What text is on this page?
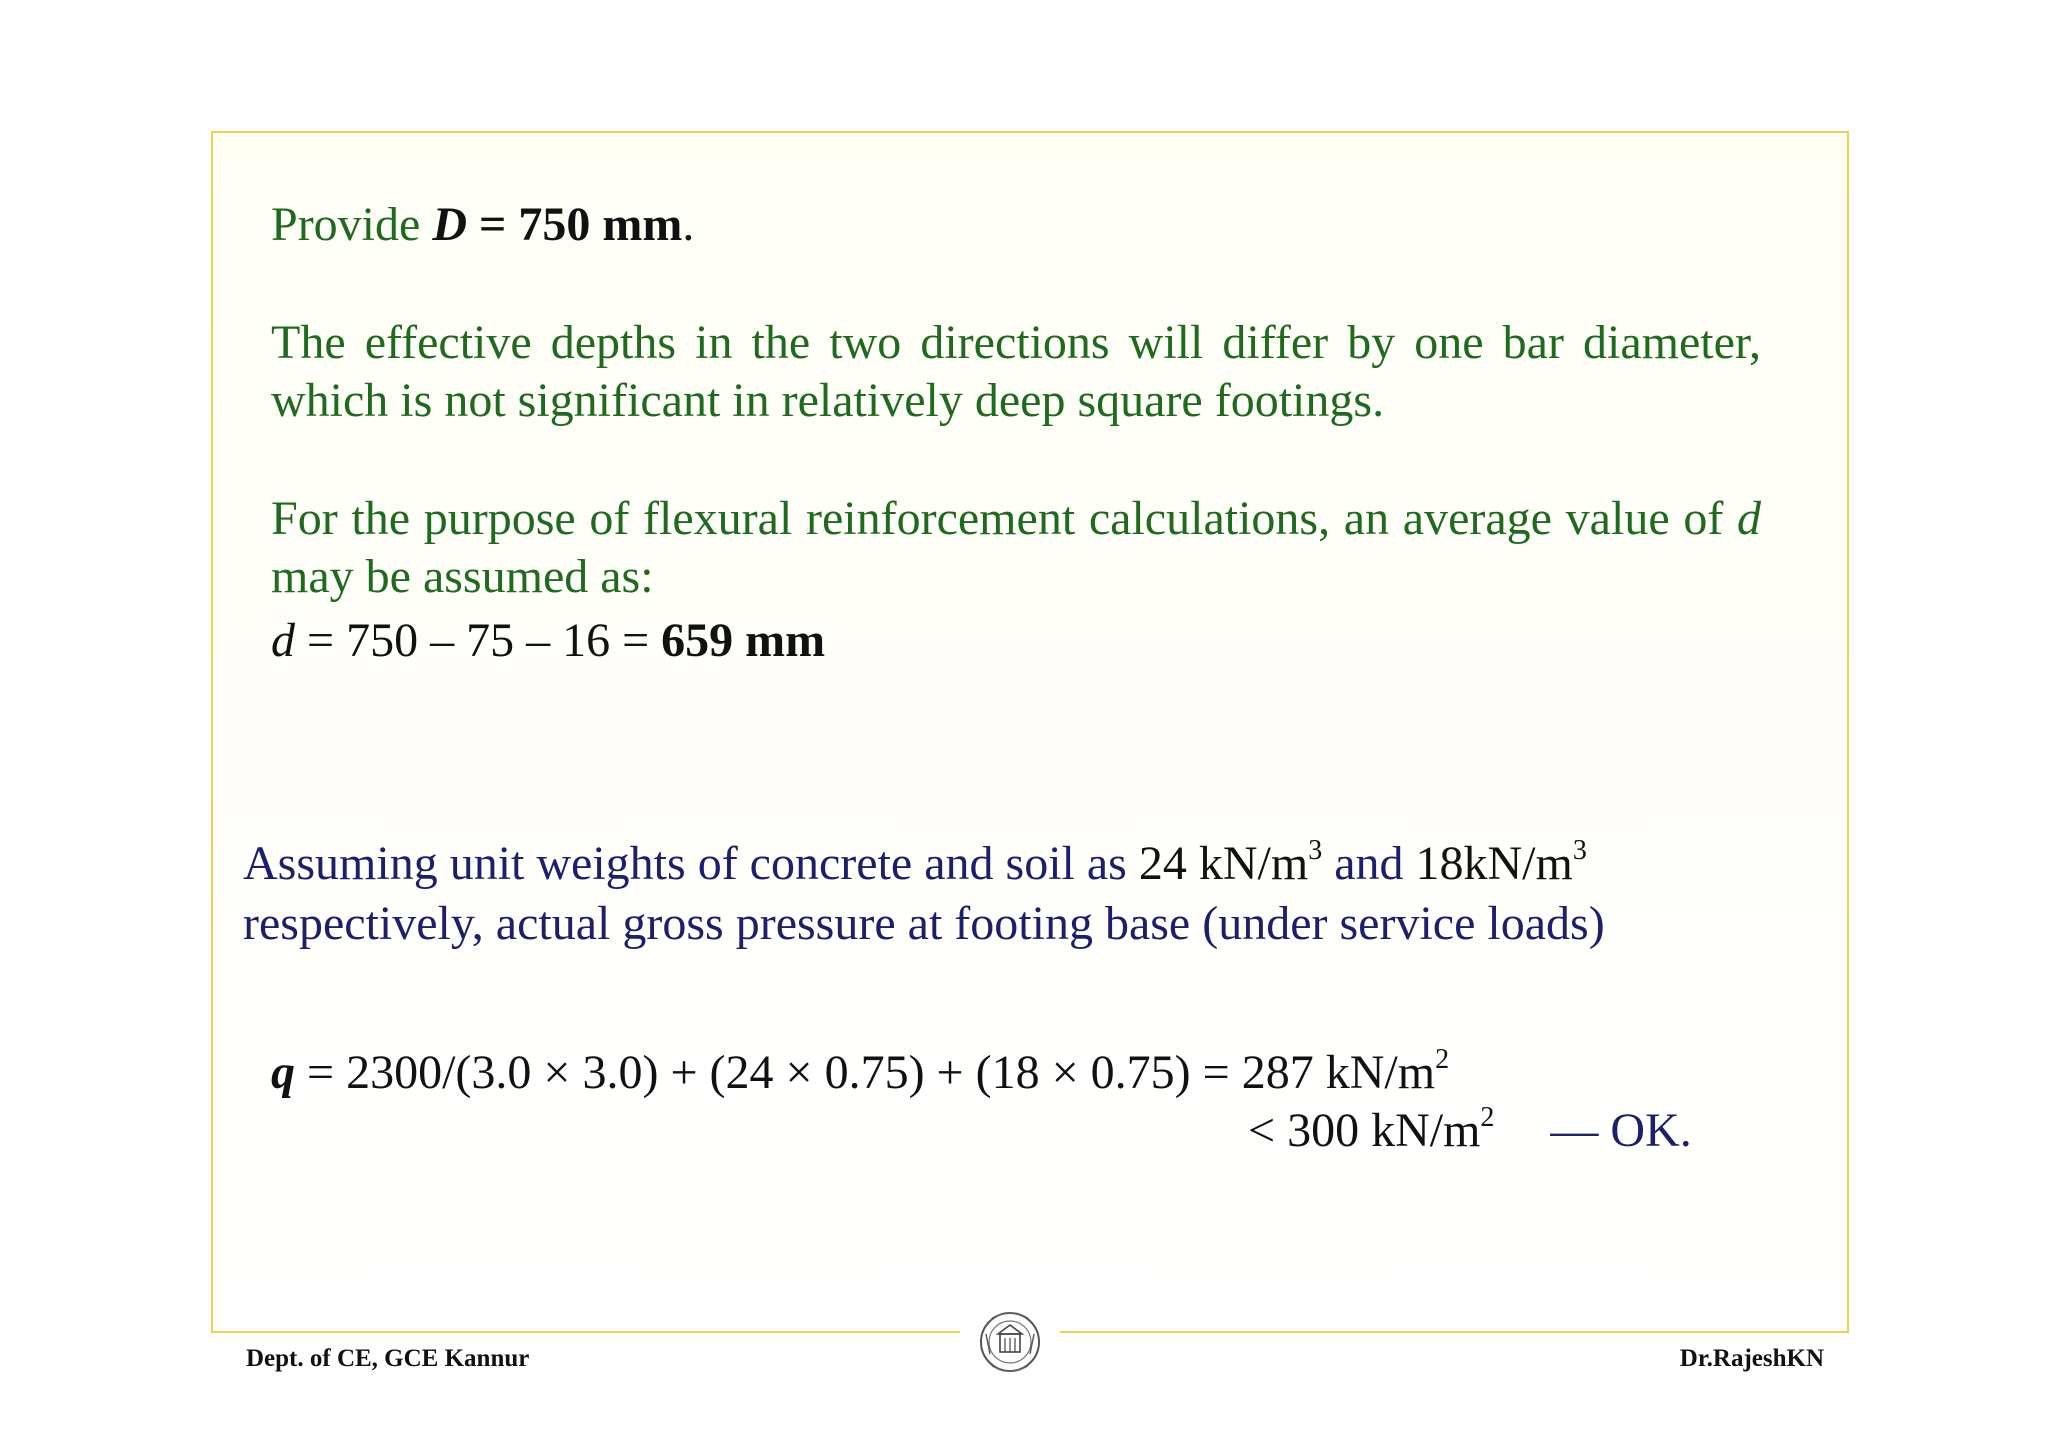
Provide D = 750 mm.
The effective depths in the two directions will differ by one bar diameter, which is not significant in relatively deep square footings.
For the purpose of flexural reinforcement calculations, an average value of d may be assumed as:
d = 750 – 75 – 16 = 659 mm
Assuming unit weights of concrete and soil as 24 $kN/m^3$ and $18kN/m^3$ respectively, actual gross pressure at footing base (under service loads)
q = 2300/(3.0 × 3.0) + (24 × 0.75) + (18 × 0.75) = 287 $kN/m^2$
< 300 $kN/m^2$ — OK.
Dept. of CE, GCE Kannur	Dr.RajeshKN
